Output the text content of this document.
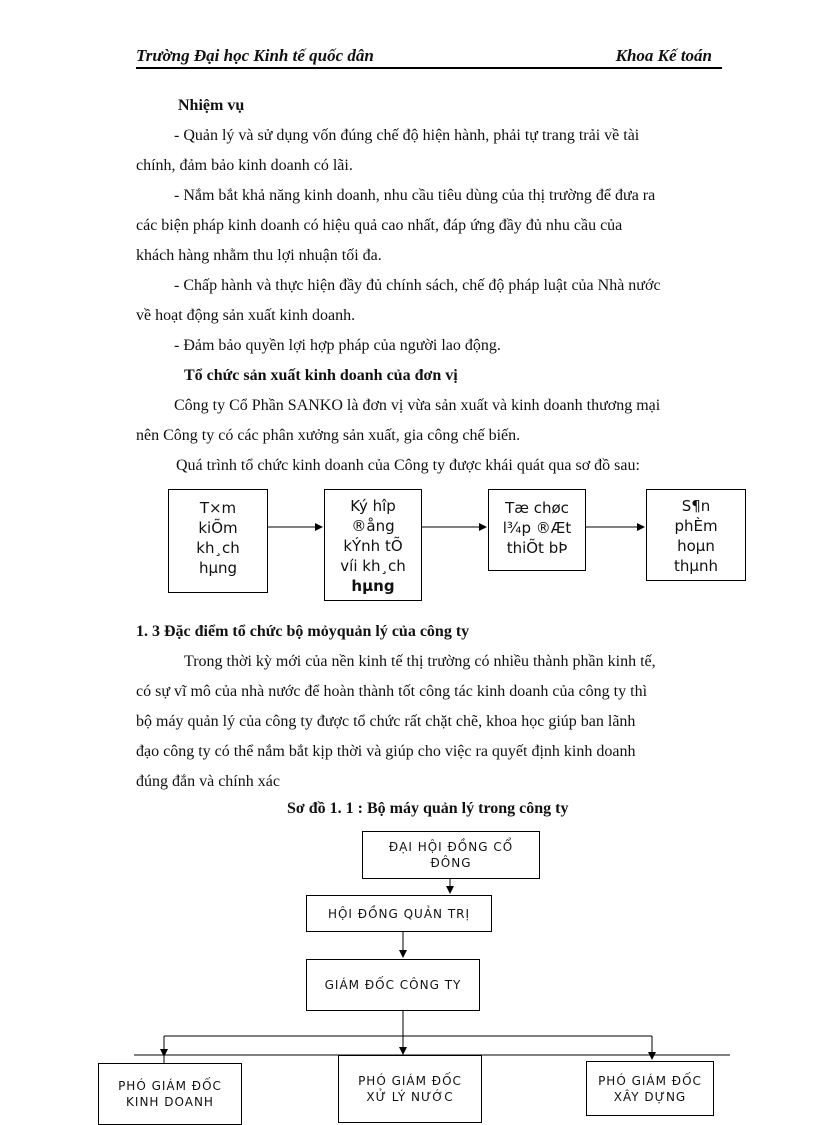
Trường Đại học Kinh tế quốc dân	Khoa Kế toán
Nhiệm vụ
- Quản lý và sử dụng vốn đúng chế độ hiện hành, phải tự trang trải về tài
chính, đảm bảo kinh doanh có lãi.
- Nắm bắt khả năng kinh doanh, nhu cầu tiêu dùng của thị trường để đưa ra
các biện pháp kinh doanh có hiệu quả cao nhất, đáp ứng đầy đủ nhu cầu của
khách hàng nhằm thu lợi nhuận tối đa.
- Chấp hành và thực hiện đầy đủ chính sách, chế độ pháp luật của Nhà nước
về hoạt động sản xuất kinh doanh.
- Đảm bảo quyền lợi hợp pháp của người lao động.
Tổ chức sản xuất kinh doanh của đơn vị
Công ty Cổ Phần SANKO là đơn vị vừa sản xuất và kinh doanh thương mại
nên Công ty có các phân xưởng sản xuất, gia công chế biến.
Quá trình tổ chức kinh doanh của Công ty được khái quát qua sơ đồ sau:
T×m
kiÕm
kh¸ch
hµng
Ký hîp
®ång
kÝnh tÕ
víi kh¸ch
hµng
Tæ chøc
l¾p ®Æt
thiÕt bÞ
S¶n
phÈm
hoµn
thµnh
1. 3 Đặc điểm tổ chức bộ mỏyquản lý của công ty
Trong thời kỳ mới của nền kinh tế thị trường có nhiều thành phần kinh tế,
có sự vĩ mô của nhà nước để hoàn thành tốt công tác kinh doanh của công ty thì
bộ máy quản lý của công ty được tổ chức rất chặt chẽ, khoa học giúp ban lãnh
đạo công ty có thể nắm bắt kịp thời và giúp cho việc ra quyết định kinh doanh
đúng đắn và chính xác
Sơ đồ 1. 1 : Bộ máy quản lý trong công ty
ĐẠI HỘI ĐỒNG CỔ
ĐÔNG
HỘI ĐỒNG QUẢN TRỊ
GIÁM ĐỐC CÔNG TY
PHÓ GIÁM ĐỐC
KINH DOANH
PHÓ GIÁM ĐỐC
XỬ LÝ NƯỚC
PHÓ GIÁM ĐỐC
XÂY DỰNG
